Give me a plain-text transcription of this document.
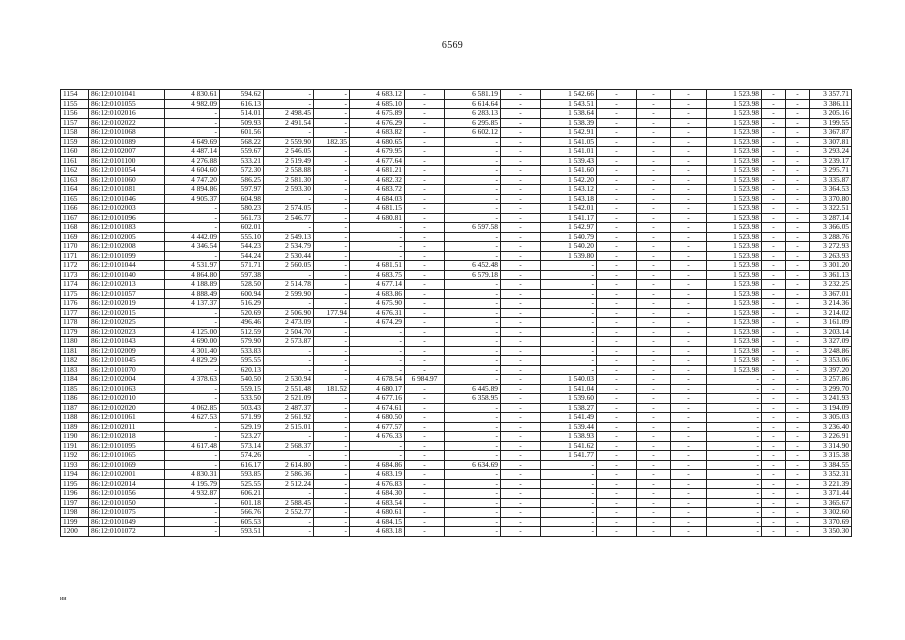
6569
1154	86:12:0101041	4 830.61	594.62	-	-	4 683.12	-	6 581.19	-	1 542.66	-	-	-	1 523.98	-	-	3 357.71
1155	86:12:0101055	4 982.09	616.13	-	-	4 685.10	-	6 614.64	-	1 543.51	-	-	-	1 523.98	-	-	3 386.11
1156	86:12:0102016	-	514.01	2 498.45	-	4 675.89	-	6 283.13	-	1 538.64	-	-	-	1 523.98	-	-	3 205.16
1157	86:12:0102022	-	509.93	2 491.54	-	4 676.29	-	6 295.85	-	1 538.39	-	-	-	1 523.98	-	-	3 199.55
1158	86:12:0101068	-	601.56	-	-	4 683.82	-	6 602.12	-	1 542.91	-	-	-	1 523.98	-	-	3 367.87
1159	86:12:0101089	4 649.69	568.22	2 559.90	182.35	4 680.65	-	-	-	1 541.05	-	-	-	1 523.98	-	-	3 307.81
1160	86:12:0102007	4 487.14	559.67	2 546.05	-	4 679.95	-	-	-	1 541.01	-	-	-	1 523.98	-	-	3 293.24
1161	86:12:0101100	4 276.88	533.21	2 519.49	-	4 677.64	-	-	-	1 539.43	-	-	-	1 523.98	-	-	3 239.17
1162	86:12:0101054	4 604.60	572.30	2 558.88	-	4 681.21	-	-	-	1 541.60	-	-	-	1 523.98	-	-	3 295.71
1163	86:12:0101060	4 747.20	586.25	2 581.30	-	4 682.32	-	-	-	1 542.20	-	-	-	1 523.98	-	-	3 335.87
1164	86:12:0101081	4 894.86	597.97	2 593.30	-	4 683.72	-	-	-	1 543.12	-	-	-	1 523.98	-	-	3 364.53
1165	86:12:0101046	4 905.37	604.98	-	-	4 684.03	-	-	-	1 543.18	-	-	-	1 523.98	-	-	3 370.80
1166	86:12:0102003	-	580.23	2 574.05	-	4 681.15	-	-	-	1 542.01	-	-	-	1 523.98	-	-	3 322.51
1167	86:12:0101096	-	561.73	2 546.77	-	4 680.81	-	-	-	1 541.17	-	-	-	1 523.98	-	-	3 287.14
1168	86:12:0101083	-	602.01	-	-	-	-	6 597.58	-	1 542.97	-	-	-	1 523.98	-	-	3 366.05
1169	86:12:0102005	4 442.09	555.10	2 549.13	-	-	-	-	-	1 540.79	-	-	-	1 523.98	-	-	3 288.76
1170	86:12:0102008	4 346.54	544.23	2 534.79	-	-	-	-	-	1 540.20	-	-	-	1 523.98	-	-	3 272.93
1171	86:12:0101099	-	544.24	2 530.44	-	-	-	-	-	1 539.80	-	-	-	1 523.98	-	-	3 263.93
1172	86:12:0101044	4 531.97	571.71	2 560.05	-	4 681.51	-	6 452.48	-	-	-	-	-	1 523.98	-	-	3 301.20
1173	86:12:0101040	4 864.80	597.38	-	-	4 683.75	-	6 579.18	-	-	-	-	-	1 523.98	-	-	3 361.13
1174	86:12:0102013	4 188.89	528.50	2 514.78	-	4 677.14	-	-	-	-	-	-	-	1 523.98	-	-	3 232.25
1175	86:12:0101057	4 888.49	600.94	2 599.90	-	4 683.86	-	-	-	-	-	-	-	1 523.98	-	-	3 367.01
1176	86:12:0102019	4 137.37	516.29	-	-	4 675.90	-	-	-	-	-	-	-	1 523.98	-	-	3 214.36
1177	86:12:0102015	-	520.69	2 506.90	177.94	4 676.31	-	-	-	-	-	-	-	1 523.98	-	-	3 214.02
1178	86:12:0102025	-	496.46	2 473.09	-	4 674.29	-	-	-	-	-	-	-	1 523.98	-	-	3 161.09
1179	86:12:0102023	4 125.00	512.59	2 504.70	-	-	-	-	-	-	-	-	-	1 523.98	-	-	3 203.14
1180	86:12:0101043	4 690.00	579.90	2 573.87	-	-	-	-	-	-	-	-	-	1 523.98	-	-	3 327.09
1181	86:12:0102009	4 301.40	533.83	-	-	-	-	-	-	-	-	-	-	1 523.98	-	-	3 248.86
1182	86:12:0101045	4 829.29	595.55	-	-	-	-	-	-	-	-	-	-	1 523.98	-	-	3 353.06
1183	86:12:0101070	-	620.13	-	-	-	-	-	-	-	-	-	-	1 523.98	-	-	3 397.20
1184	86:12:0102004	4 378.63	540.50	2 530.94	-	4 678.54	6 984.97	-	-	1 540.03	-	-	-	-	-	-	3 257.86
1185	86:12:0101063	-	559.15	2 551.48	181.52	4 680.17	-	6 445.89	-	1 541.04	-	-	-	-	-	-	3 299.70
1186	86:12:0102010	-	533.50	2 521.09	-	4 677.16	-	6 358.95	-	1 539.60	-	-	-	-	-	-	3 241.93
1187	86:12:0102020	4 062.85	503.43	2 487.37	-	4 674.61	-	-	-	1 538.27	-	-	-	-	-	-	3 194.09
1188	86:12:0101061	4 627.53	571.99	2 561.92	-	4 680.50	-	-	-	1 541.49	-	-	-	-	-	-	3 305.03
1189	86:12:0102011	-	529.19	2 515.01	-	4 677.57	-	-	-	1 539.44	-	-	-	-	-	-	3 236.40
1190	86:12:0102018	-	523.27	-	-	4 676.33	-	-	-	1 538.93	-	-	-	-	-	-	3 226.91
1191	86:12:0101095	4 617.48	573.14	2 568.37	-	-	-	-	-	1 541.62	-	-	-	-	-	-	3 314.90
1192	86:12:0101065	-	574.26	-	-	-	-	-	-	1 541.77	-	-	-	-	-	-	3 315.38
1193	86:12:0101069	-	616.17	2 614.80	-	4 684.86	-	6 634.69	-	-	-	-	-	-	-	-	3 384.55
1194	86:12:0102001	4 830.31	593.85	2 586.36	-	4 683.19	-	-	-	-	-	-	-	-	-	-	3 352.31
1195	86:12:0102014	4 195.79	525.55	2 512.24	-	4 676.83	-	-	-	-	-	-	-	-	-	-	3 221.39
1196	86:12:0101056	4 932.87	606.21	-	-	4 684.30	-	-	-	-	-	-	-	-	-	-	3 371.44
1197	86:12:0101050	-	601.18	2 588.45	-	4 683.54	-	-	-	-	-	-	-	-	-	-	3 365.67
1198	86:12:0101075	-	566.76	2 552.77	-	4 680.61	-	-	-	-	-	-	-	-	-	-	3 302.60
1199	86:12:0101049	-	605.53	-	-	4 684.15	-	-	-	-	-	-	-	-	-	-	3 370.69
1200	86:12:0101072	-	593.51	-	-	4 683.18	-	-	-	-	-	-	-	-	-	-	3 350.30
ии
